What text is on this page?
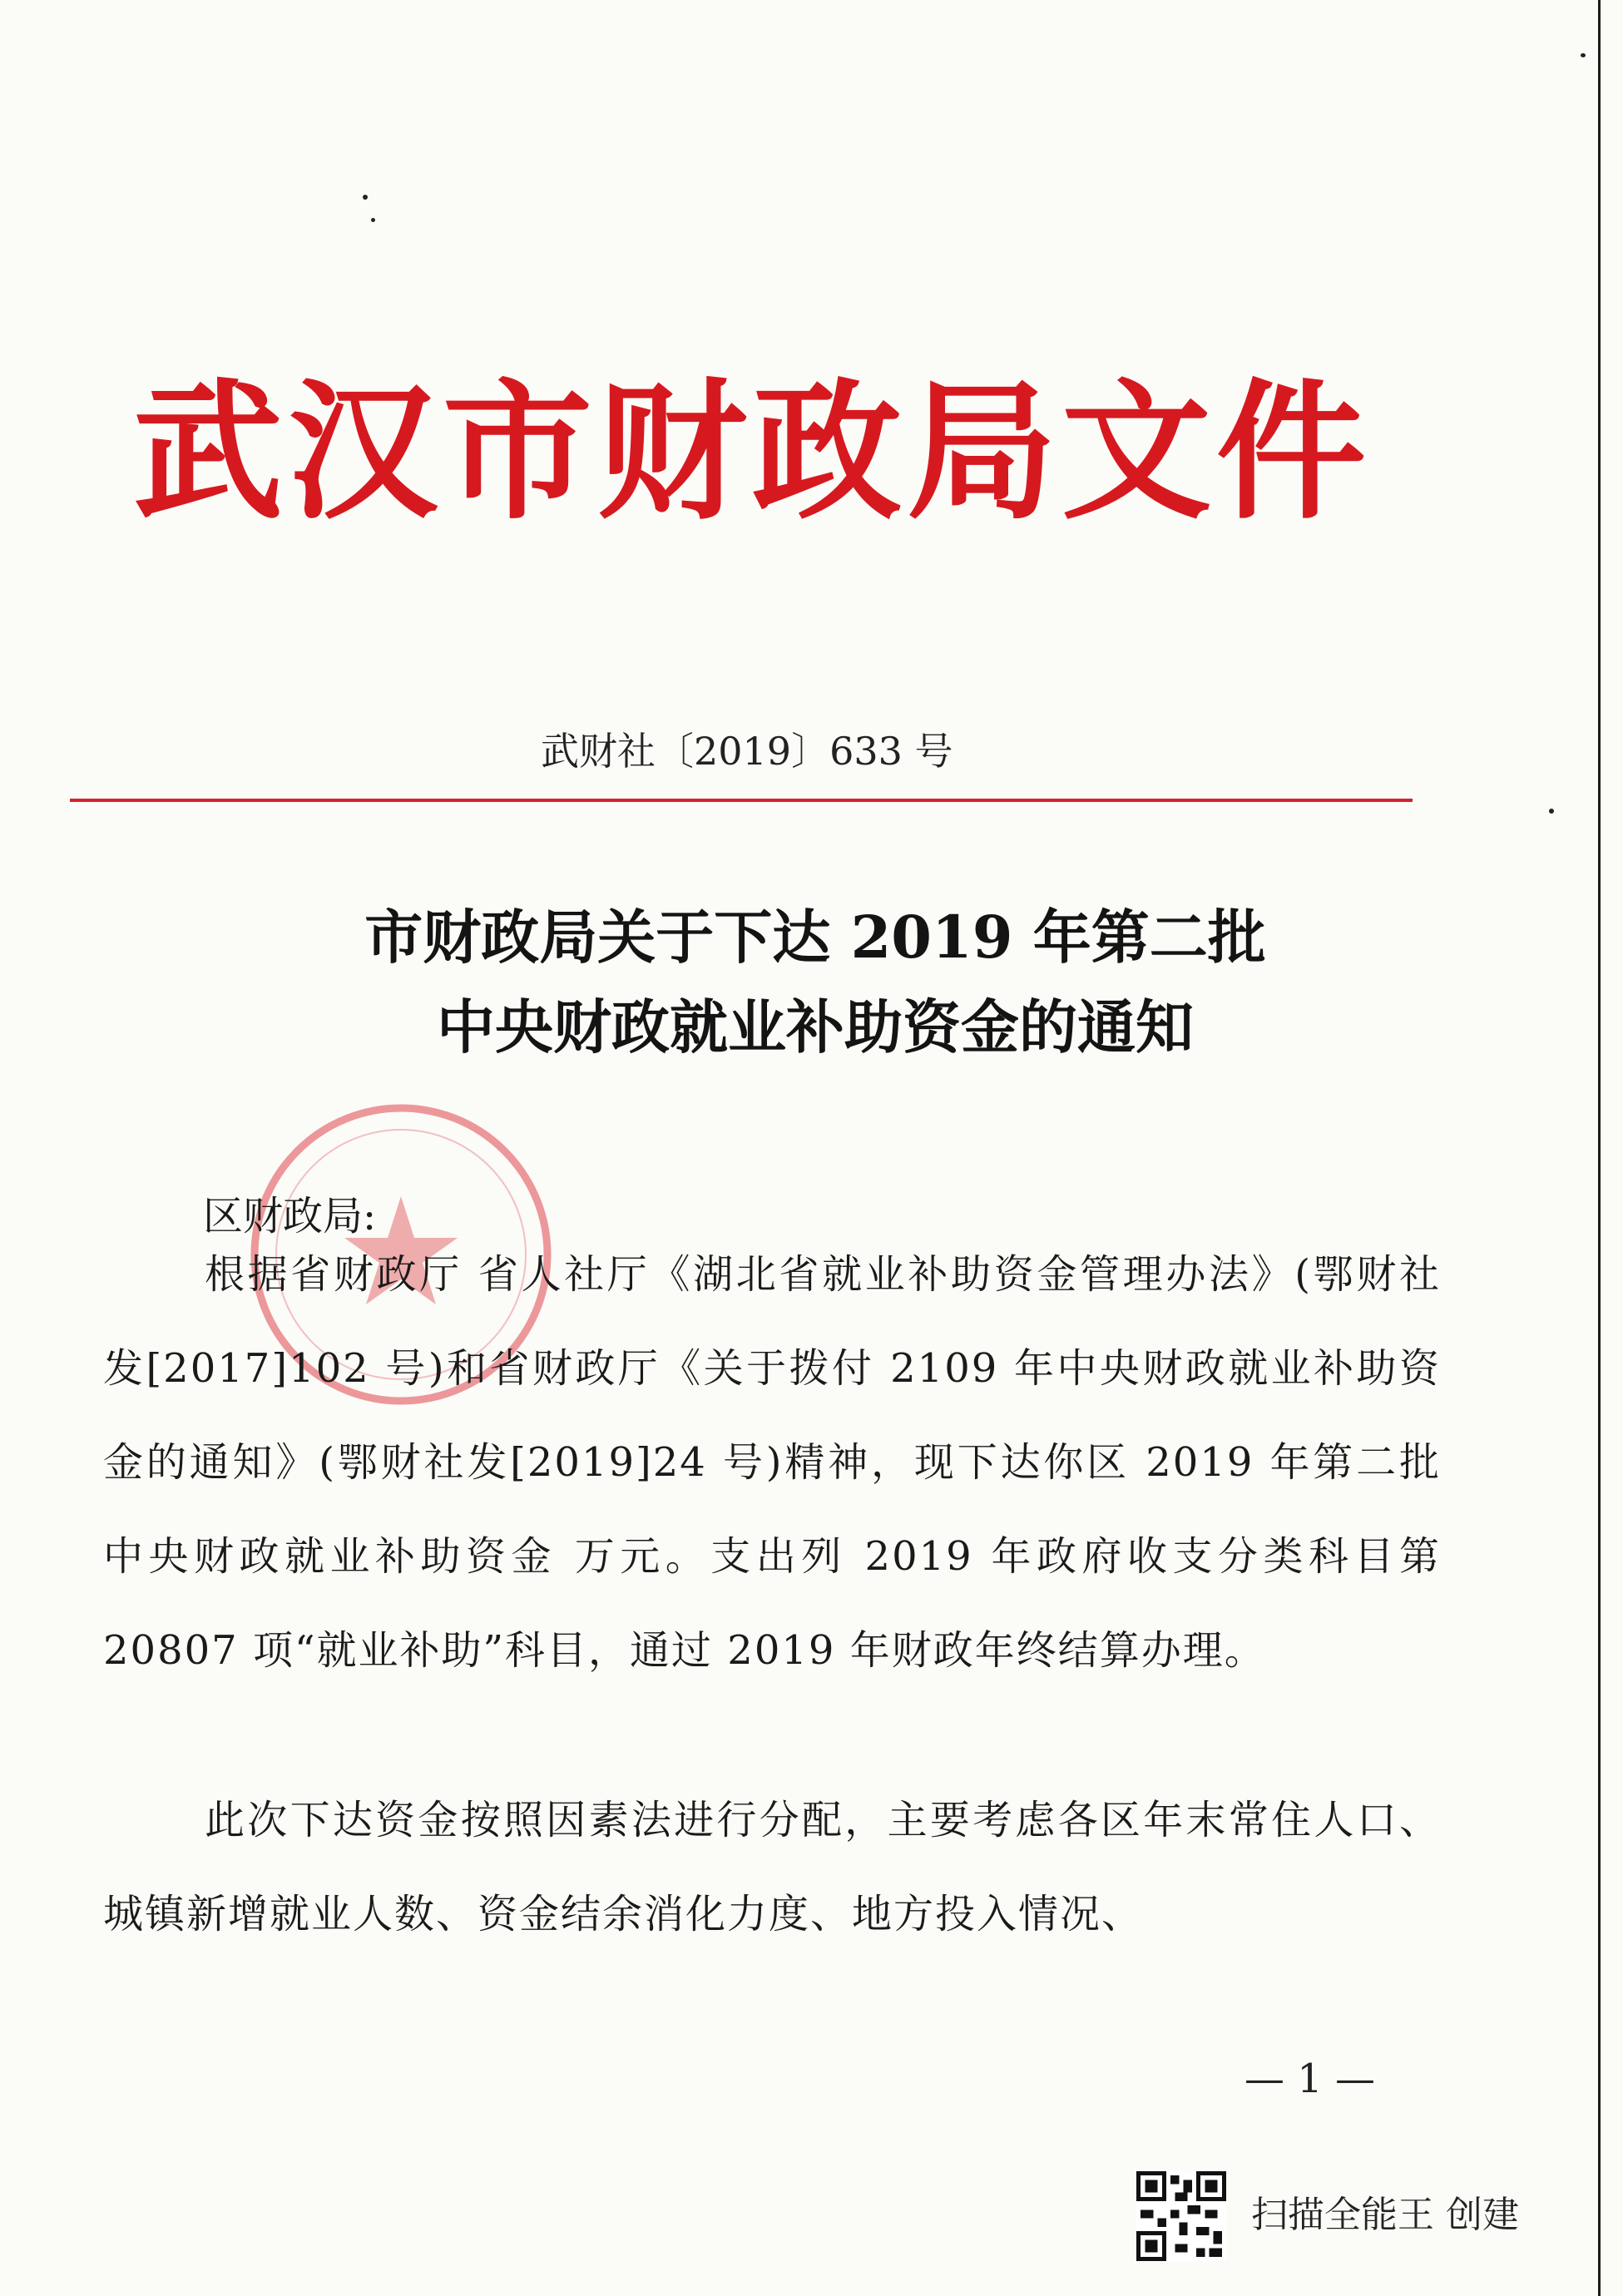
武汉市财政局文件
武财社〔2019〕633 号
市财政局关于下达 2019 年第二批
中央财政就业补助资金的通知
区财政局:

根据省财政厅 省人社厅《湖北省就业补助资金管理办法》(鄂财社发[2017]102 号)和省财政厅《关于拨付 2109 年中央财政就业补助资金的通知》(鄂财社发[2019]24 号)精神，现下达你区 2019 年第二批中央财政就业补助资金 万元。支出列 2019 年政府收支分类科目第 20807 项“就业补助”科目，通过 2019 年财政年终结算办理。

此次下达资金按照因素法进行分配，主要考虑各区年末常住人口、城镇新增就业人数、资金结余消化力度、地方投入情况、

— 1 —
扫描全能王 创建
